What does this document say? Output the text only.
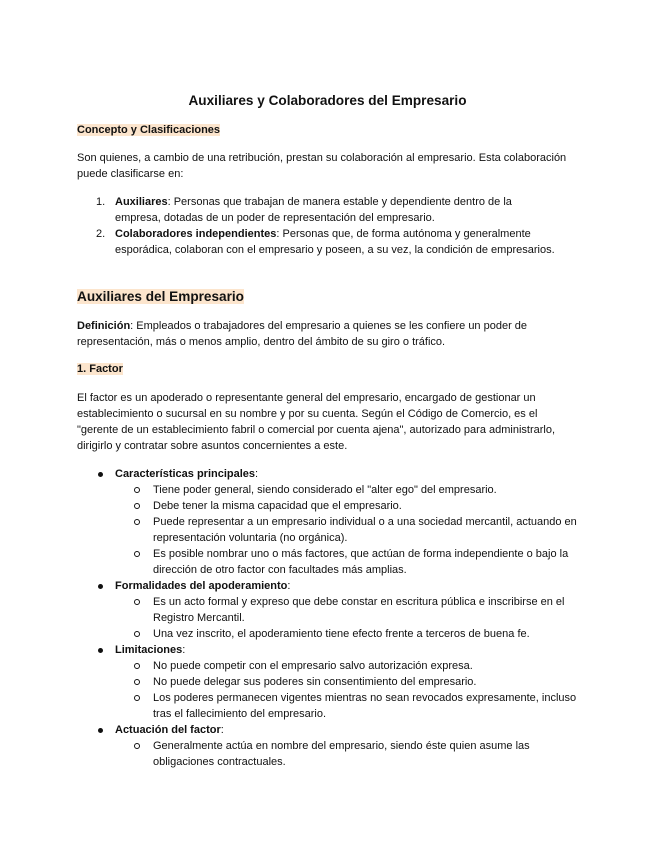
Auxiliares y Colaboradores del Empresario
Concepto y Clasificaciones

Son quienes, a cambio de una retribución, prestan su colaboración al empresario. Esta colaboración puede clasificarse en:

1. Auxiliares: Personas que trabajan de manera estable y dependiente dentro de la empresa, dotadas de un poder de representación del empresario.
2. Colaboradores independientes: Personas que, de forma autónoma y generalmente esporádica, colaboran con el empresario y poseen, a su vez, la condición de empresarios.
Auxiliares del Empresario

Definición: Empleados o trabajadores del empresario a quienes se les confiere un poder de representación, más o menos amplio, dentro del ámbito de su giro o tráfico.

1. Factor

El factor es un apoderado o representante general del empresario, encargado de gestionar un establecimiento o sucursal en su nombre y por su cuenta. Según el Código de Comercio, es el "gerente de un establecimiento fabril o comercial por cuenta ajena", autorizado para administrarlo, dirigirlo y contratar sobre asuntos concernientes a este.

Características principales:
Tiene poder general, siendo considerado el "alter ego" del empresario.
Debe tener la misma capacidad que el empresario.
Puede representar a un empresario individual o a una sociedad mercantil, actuando en representación voluntaria (no orgánica).
Es posible nombrar uno o más factores, que actúan de forma independiente o bajo la dirección de otro factor con facultades más amplias.
Formalidades del apoderamiento:
Es un acto formal y expreso que debe constar en escritura pública e inscribirse en el Registro Mercantil.
Una vez inscrito, el apoderamiento tiene efecto frente a terceros de buena fe.
Limitaciones:
No puede competir con el empresario salvo autorización expresa.
No puede delegar sus poderes sin consentimiento del empresario.
Los poderes permanecen vigentes mientras no sean revocados expresamente, incluso tras el fallecimiento del empresario.
Actuación del factor:
Generalmente actúa en nombre del empresario, siendo éste quien asume las obligaciones contractuales.
